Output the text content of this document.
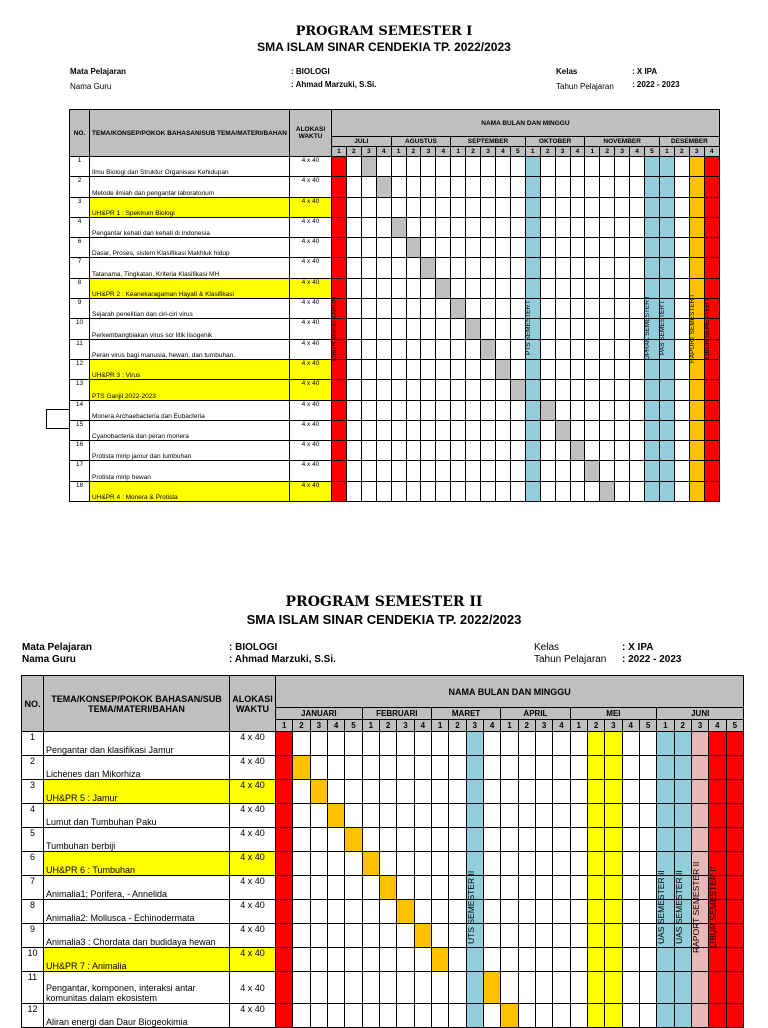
PROGRAM SEMESTER I
SMA ISLAM SINAR CENDEKIA TP. 2022/2023
Mata Pelajaran	: BIOLOGI
Nama Guru	: Ahmad Marzuki, S.Si.
Kelas	: X IPA
Tahun Pelajaran : 2022 - 2023
NO.	TEMA/KONSEP/POKOK BAHASAN/SUB TEMA/MATERI/BAHAN	ALOKASI WAKTU	NAMA BULAN DAN MINGGU																									
			JULI				AGUSTUS				SEPTEMBER					OKTOBER				NOVEMBER					DESEMBER			
			1	2	3	4	1	2	3	4	1	2	3	4	5	1	2	3	4	1	2	3	4	5	1	2	3	4
1	Ilmu Biologi dan Struktur Organisasi Kehidupan	4 x 40																										
2	Metode ilmiah dan pengantar laboratorium	4 x 40																										
3	UH&PR 1 : Spektrum Biologi	4 x 40																										
4	Pengantar kehati dan kehati di Indonesia	4 x 40																										
6	Dasar, Proses, sistem Klasifikasi Makhluk hidup	4 x 40																										
7	Tatanama, Tingkatan, Kriteria Klasifikasi MH	4 x 40																										
8	UH&PR 2 : Keanekaragaman Hayati & Klasifikasi	4 x 40																										
9	Sejarah penelitian dan ciri-ciri virus	4 x 40																										
10	Perkembangbiakan virus scr litik lisogenik	4 x 40																										
11	Peran virus bagi manusia, hewan, dan tumbuhan.	4 x 40																										
12	UH&PR 3 : Virus	4 x 40																										
13	PTS Ganjil 2022-2023	4 x 40																										
14	Monera Archaebacteria dan Eubacteria	4 x 40																										
15	Cyanobacteria dan peran monera	4 x 40																										
16	Protista mirip jamur dan tumbuhan	4 x 40																										
17	Protista mirip hewan	4 x 40																										
18	UH&PR 4 : Monera & Protista	4 x 40																										
PROGRAM SEMESTER II
SMA ISLAM SINAR CENDEKIA TP. 2022/2023
Mata Pelajaran	: BIOLOGI
Nama Guru	: Ahmad Marzuki, S.Si.
Kelas	: X IPA
Tahun Pelajaran : 2022 - 2023
NO.	TEMA/KONSEP/POKOK BAHASAN/SUB TEMA/MATERI/BAHAN	ALOKASI WAKTU	NAMA BULAN DAN MINGGU																										
			JANUARI					FEBRUARI				MARET				APRIL				MEI					JUNI				
			1	2	3	4	5	1	2	3	4	1	2	3	4	1	2	3	4	1	2	3	4	5	1	2	3	4	5
1	Pengantar dan klasifikasi Jamur	4 x 40																											
2	Lichenes dan Mikorhiza	4 x 40																											
3	UH&PR 5 : Jamur	4 x 40																											
4	Lumut dan Tumbuhan Paku	4 x 40																											
5	Tumbuhan berbiji	4 x 40																											
6	UH&PR 6 : Tumbuhan	4 x 40																											
7	Animalia1; Porifera, - Annelida	4 x 40																											
8	Animalia2: Mollusca - Echinodermata	4 x 40																											
9	Animalia3 : Chordata dan budidaya hewan	4 x 40																											
10	UH&PR 7 : Animalia	4 x 40																											
11	Pengantar, komponen, interaksi antar komunitas dalam ekosistem	4 x 40																											
12	Aliran energi dan Daur Biogeokimia	4 x 40																											
LIBUR AKHIR TAHUN	PTS SEMESTER I	UPRAK SEMESTER I	PAS SEMESTER I	RAPORT SEMESTER I	LIBUR SEMESTER I
UTS SEMESTER II	UAS SEMESTER II UAS SEMESTER II RAPORT SEMESTER II LIBUR SEMESTER II
